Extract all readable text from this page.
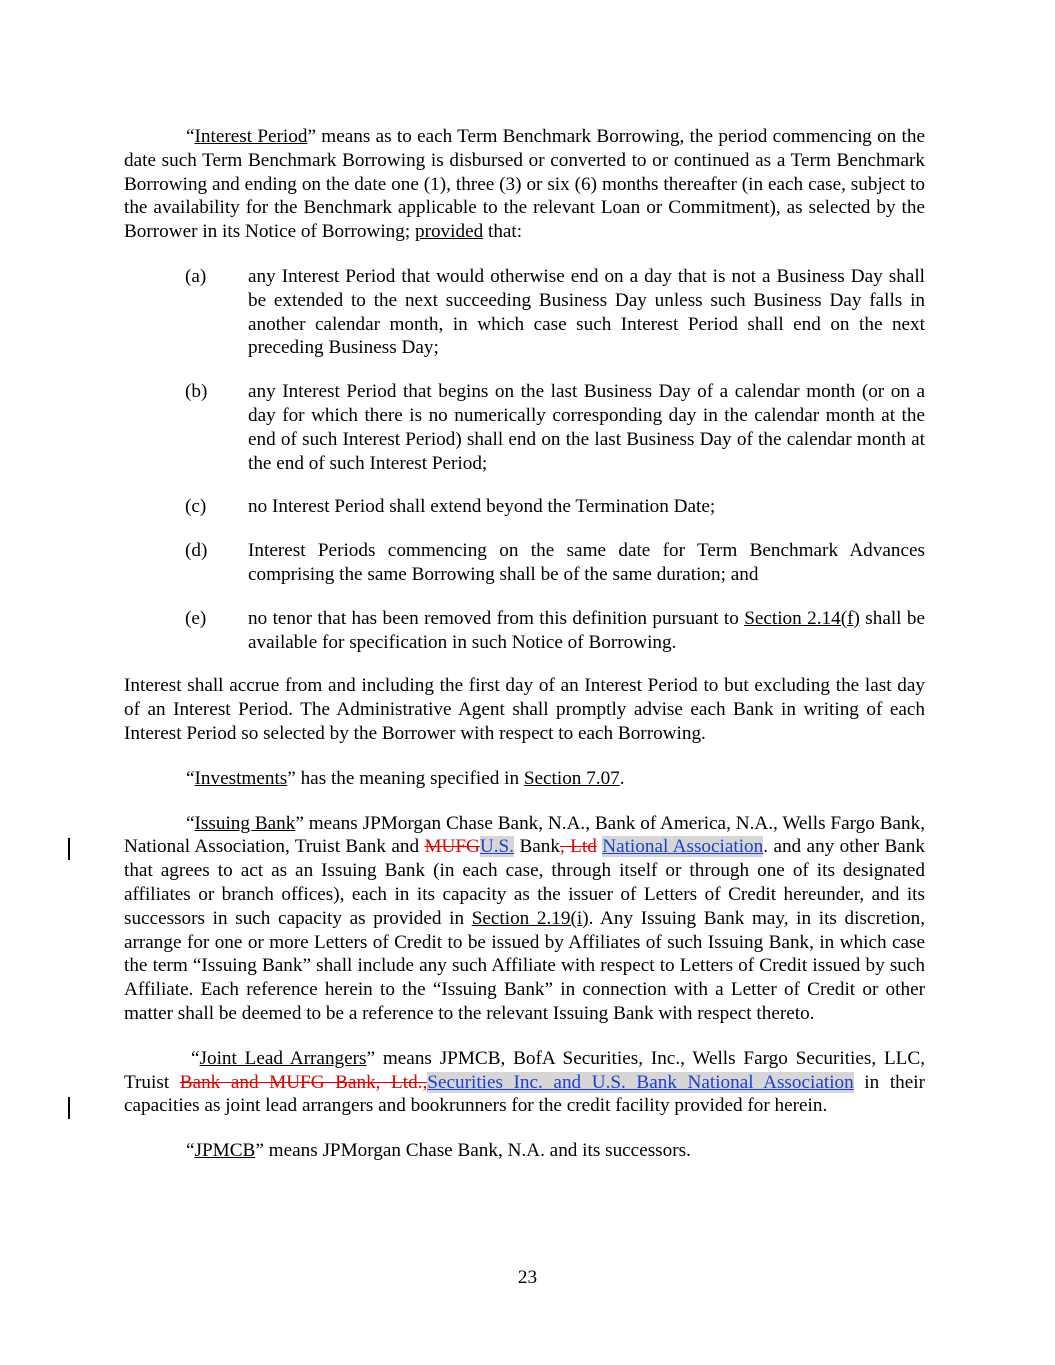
“Interest Period” means as to each Term Benchmark Borrowing, the period commencing on the date such Term Benchmark Borrowing is disbursed or converted to or continued as a Term Benchmark Borrowing and ending on the date one (1), three (3) or six (6) months thereafter (in each case, subject to the availability for the Benchmark applicable to the relevant Loan or Commitment), as selected by the Borrower in its Notice of Borrowing; provided that:

(a) any Interest Period that would otherwise end on a day that is not a Business Day shall be extended to the next succeeding Business Day unless such Business Day falls in another calendar month, in which case such Interest Period shall end on the next preceding Business Day;
(b) any Interest Period that begins on the last Business Day of a calendar month (or on a day for which there is no numerically corresponding day in the calendar month at the end of such Interest Period) shall end on the last Business Day of the calendar month at the end of such Interest Period;
(c) no Interest Period shall extend beyond the Termination Date;
(d) Interest Periods commencing on the same date for Term Benchmark Advances comprising the same Borrowing shall be of the same duration; and
(e) no tenor that has been removed from this definition pursuant to Section 2.14(f) shall be available for specification in such Notice of Borrowing.

Interest shall accrue from and including the first day of an Interest Period to but excluding the last day of an Interest Period. The Administrative Agent shall promptly advise each Bank in writing of each Interest Period so selected by the Borrower with respect to each Borrowing.

“Investments” has the meaning specified in Section 7.07.

“Issuing Bank” means JPMorgan Chase Bank, N.A., Bank of America, N.A., Wells Fargo Bank, National Association, Truist Bank and MUFGU.S. Bank, Ltd National Association. and any other Bank that agrees to act as an Issuing Bank (in each case, through itself or through one of its designated affiliates or branch offices), each in its capacity as the issuer of Letters of Credit hereunder, and its successors in such capacity as provided in Section 2.19(i). Any Issuing Bank may, in its discretion, arrange for one or more Letters of Credit to be issued by Affiliates of such Issuing Bank, in which case the term “Issuing Bank” shall include any such Affiliate with respect to Letters of Credit issued by such Affiliate. Each reference herein to the “Issuing Bank” in connection with a Letter of Credit or other matter shall be deemed to be a reference to the relevant Issuing Bank with respect thereto.

“Joint Lead Arrangers” means JPMCB, BofA Securities, Inc., Wells Fargo Securities, LLC, Truist Bank and MUFG Bank, Ltd.,Securities Inc. and U.S. Bank National Association in their capacities as joint lead arrangers and bookrunners for the credit facility provided for herein.

“JPMCB” means JPMorgan Chase Bank, N.A. and its successors.

23
